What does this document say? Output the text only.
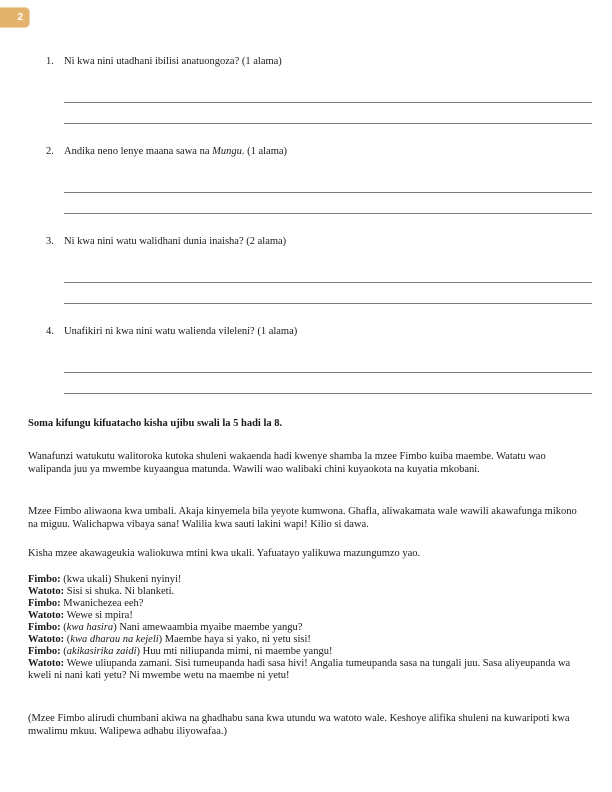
2
1. Ni kwa nini utadhani ibilisi anatuongoza? (1 alama)
2. Andika neno lenye maana sawa na Mungu. (1 alama)
3. Ni kwa nini watu walidhani dunia inaisha? (2 alama)
4. Unafikiri ni kwa nini watu walienda vileleni? (1 alama)

Soma kifungu kifuatacho kisha ujibu swali la 5 hadi la 8.

Wanafunzi watukutu walitoroka kutoka shuleni wakaenda hadi kwenye shamba la mzee Fimbo kuiba maembe. Watatu wao walipanda juu ya mwembe kuyaangua matunda. Wawili wao walibaki chini kuyaokota na kuyatia mkobani.

Mzee Fimbo aliwaona kwa umbali. Akaja kinyemela bila yeyote kumwona. Ghafla, aliwakamata wale wawili akawafunga mikono na miguu. Walichapwa vibaya sana! Walilia kwa sauti lakini wapi! Kilio si dawa.

Kisha mzee akawageukia waliokuwa mtini kwa ukali. Yafuatayo yalikuwa mazungumzo yao.

Fimbo: (kwa ukali) Shukeni nyinyi!

Watoto: Sisi si shuka. Ni blanketi.

Fimbo: Mwanichezea eeh?

Watoto: Wewe si mpira!

Fimbo: (kwa hasira) Nani amewaambia myaibe maembe yangu?

Watoto: (kwa dharau na kejeli) Maembe haya si yako, ni yetu sisi!

Fimbo: (akikasirika zaidi) Huu mti niliupanda mimi, ni maembe yangu!

Watoto: Wewe uliupanda zamani. Sisi tumeupanda hadi sasa hivi! Angalia tumeupanda sasa na tungali juu. Sasa aliyeupanda wa kweli ni nani kati yetu? Ni mwembe wetu na maembe ni yetu!

(Mzee Fimbo alirudi chumbani akiwa na ghadhabu sana kwa utundu wa watoto wale. Keshoye alifika shuleni na kuwaripoti kwa mwalimu mkuu. Walipewa adhabu iliyowafaa.)
